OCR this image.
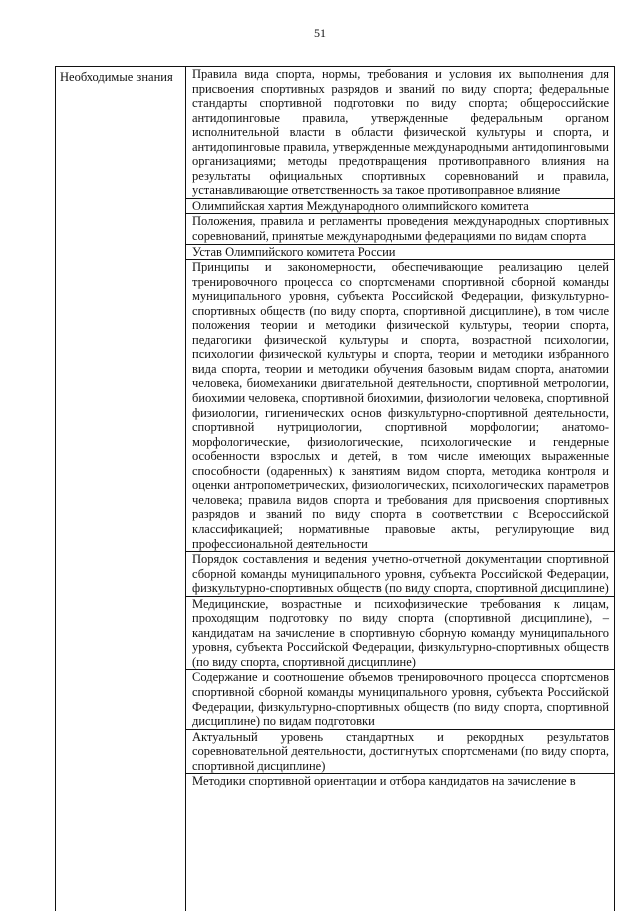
51
Необходимые знания	Правила вида спорта, нормы, требования и условия их выполнения для присвоения спортивных разрядов и званий по виду спорта; федеральные стандарты спортивной подготовки по виду спорта; общероссийские антидопинговые правила, утвержденные федеральным органом исполнительной власти в области физической культуры и спорта, и антидопинговые правила, утвержденные международными антидопинговыми организациями; методы предотвращения противоправного влияния на результаты официальных спортивных соревнований и правила, устанавливающие ответственность за такое противоправное влияние
Олимпийская хартия Международного олимпийского комитета
Положения, правила и регламенты проведения международных спортивных соревнований, принятые международными федерациями по видам спорта
Устав Олимпийского комитета России
Принципы и закономерности, обеспечивающие реализацию целей тренировочного процесса со спортсменами спортивной сборной команды муниципального уровня, субъекта Российской Федерации, физкультурно-спортивных обществ (по виду спорта, спортивной дисциплине), в том числе положения теории и методики физической культуры, теории спорта, педагогики физической культуры и спорта, возрастной психологии, психологии физической культуры и спорта, теории и методики избранного вида спорта, теории и методики обучения базовым видам спорта, анатомии человека, биомеханики двигательной деятельности, спортивной метрологии, биохимии человека, спортивной биохимии, физиологии человека, спортивной физиологии, гигиенических основ физкультурно-спортивной деятельности, спортивной нутрициологии, спортивной морфологии; анатомо-морфологические, физиологические, психологические и гендерные особенности взрослых и детей, в том числе имеющих выраженные способности (одаренных) к занятиям видом спорта, методика контроля и оценки антропометрических, физиологических, психологических параметров человека; правила видов спорта и требования для присвоения спортивных разрядов и званий по виду спорта в соответствии с Всероссийской классификацией; нормативные правовые акты, регулирующие вид профессиональной деятельности
Порядок составления и ведения учетно-отчетной документации спортивной сборной команды муниципального уровня, субъекта Российской Федерации, физкультурно-спортивных обществ (по виду спорта, спортивной дисциплине)
Медицинские, возрастные и психофизические требования к лицам, проходящим подготовку по виду спорта (спортивной дисциплине), – кандидатам на зачисление в спортивную сборную команду муниципального уровня, субъекта Российской Федерации, физкультурно-спортивных обществ (по виду спорта, спортивной дисциплине)
Содержание и соотношение объемов тренировочного процесса спортсменов спортивной сборной команды муниципального уровня, субъекта Российской Федерации, физкультурно-спортивных обществ (по виду спорта, спортивной дисциплине) по видам подготовки
Актуальный уровень стандартных и рекордных результатов соревновательной деятельности, достигнутых спортсменами (по виду спорта, спортивной дисциплине)
Методики спортивной ориентации и отбора кандидатов на зачисление в
